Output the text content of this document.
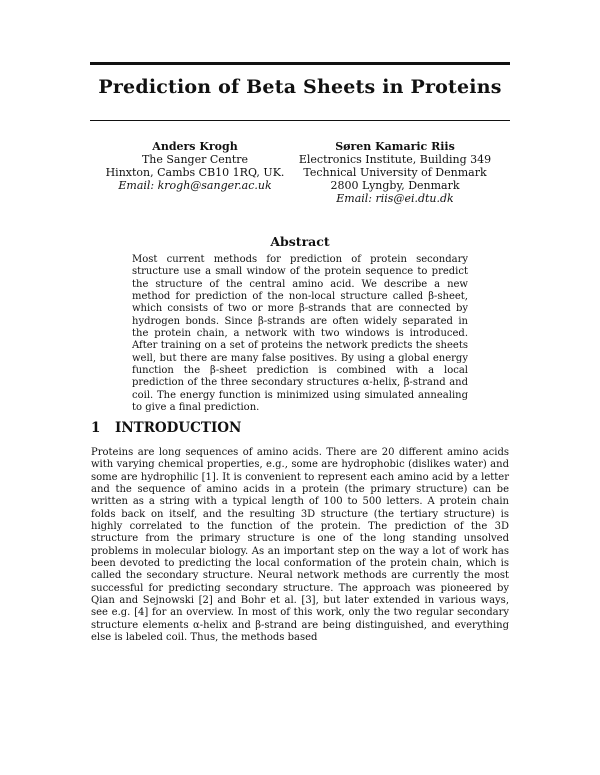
Prediction of Beta Sheets in Proteins
Anders Krogh
The Sanger Centre
Hinxton, Cambs CB10 1RQ, UK.
Email: krogh@sanger.ac.uk
Søren Kamaric Riis
Electronics Institute, Building 349
Technical University of Denmark
2800 Lyngby, Denmark
Email: riis@ei.dtu.dk
Abstract
Most current methods for prediction of protein secondary structure use a small window of the protein sequence to predict the structure of the central amino acid. We describe a new method for prediction of the non-local structure called β-sheet, which consists of two or more β-strands that are connected by hydrogen bonds. Since β-strands are often widely separated in the protein chain, a network with two windows is introduced. After training on a set of proteins the network predicts the sheets well, but there are many false positives. By using a global energy function the β-sheet prediction is combined with a local prediction of the three secondary structures α-helix, β-strand and coil. The energy function is minimized using simulated annealing to give a final prediction.
1 INTRODUCTION
Proteins are long sequences of amino acids. There are 20 different amino acids with varying chemical properties, e.g., some are hydrophobic (dislikes water) and some are hydrophilic [1]. It is convenient to represent each amino acid by a letter and the sequence of amino acids in a protein (the primary structure) can be written as a string with a typical length of 100 to 500 letters. A protein chain folds back on itself, and the resulting 3D structure (the tertiary structure) is highly correlated to the function of the protein. The prediction of the 3D structure from the primary structure is one of the long standing unsolved problems in molecular biology. As an important step on the way a lot of work has been devoted to predicting the local conformation of the protein chain, which is called the secondary structure. Neural network methods are currently the most successful for predicting secondary structure. The approach was pioneered by Qian and Sejnowski [2] and Bohr et al. [3], but later extended in various ways, see e.g. [4] for an overview. In most of this work, only the two regular secondary structure elements α-helix and β-strand are being distinguished, and everything else is labeled coil. Thus, the methods based
